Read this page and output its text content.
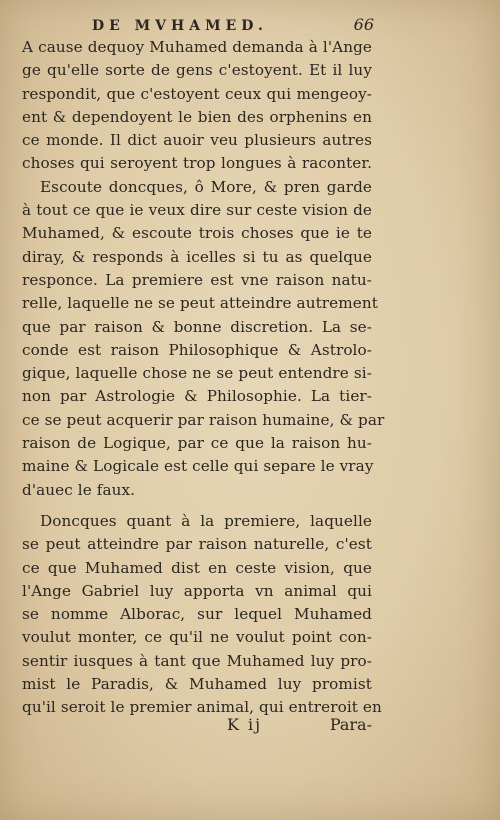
DE MVHAMED.	66
A cause dequoy Muhamed demanda à l'Ange
ge qu'elle sorte de gens c'estoyent. Et il luy
respondit, que c'estoyent ceux qui mengeoy-
ent & dependoyent le bien des orphenins en
ce monde. Il dict auoir veu plusieurs autres
choses qui seroyent trop longues à raconter.
Escoute doncques, ô More, & pren garde
à tout ce que ie veux dire sur ceste vision de
Muhamed, & escoute trois choses que ie te
diray, & responds à icelles si tu as quelque
responce. La premiere est vne raison natu-
relle, laquelle ne se peut atteindre autrement
que par raison & bonne discretion. La se-
conde est raison Philosophique & Astrolo-
gique, laquelle chose ne se peut entendre si-
non par Astrologie & Philosophie. La tier-
ce se peut acquerir par raison humaine, & par
raison de Logique, par ce que la raison hu-
maine & Logicale est celle qui separe le vray
d'auec le faux.
Doncques quant à la premiere, laquelle
se peut atteindre par raison naturelle, c'est
ce que Muhamed dist en ceste vision, que
l'Ange Gabriel luy apporta vn animal qui
se nomme Alborac, sur lequel Muhamed
voulut monter, ce qu'il ne voulut point con-
sentir iusques à tant que Muhamed luy pro-
mist le Paradis, & Muhamed luy promist
qu'il seroit le premier animal, qui entreroit en
K ij	Para-
